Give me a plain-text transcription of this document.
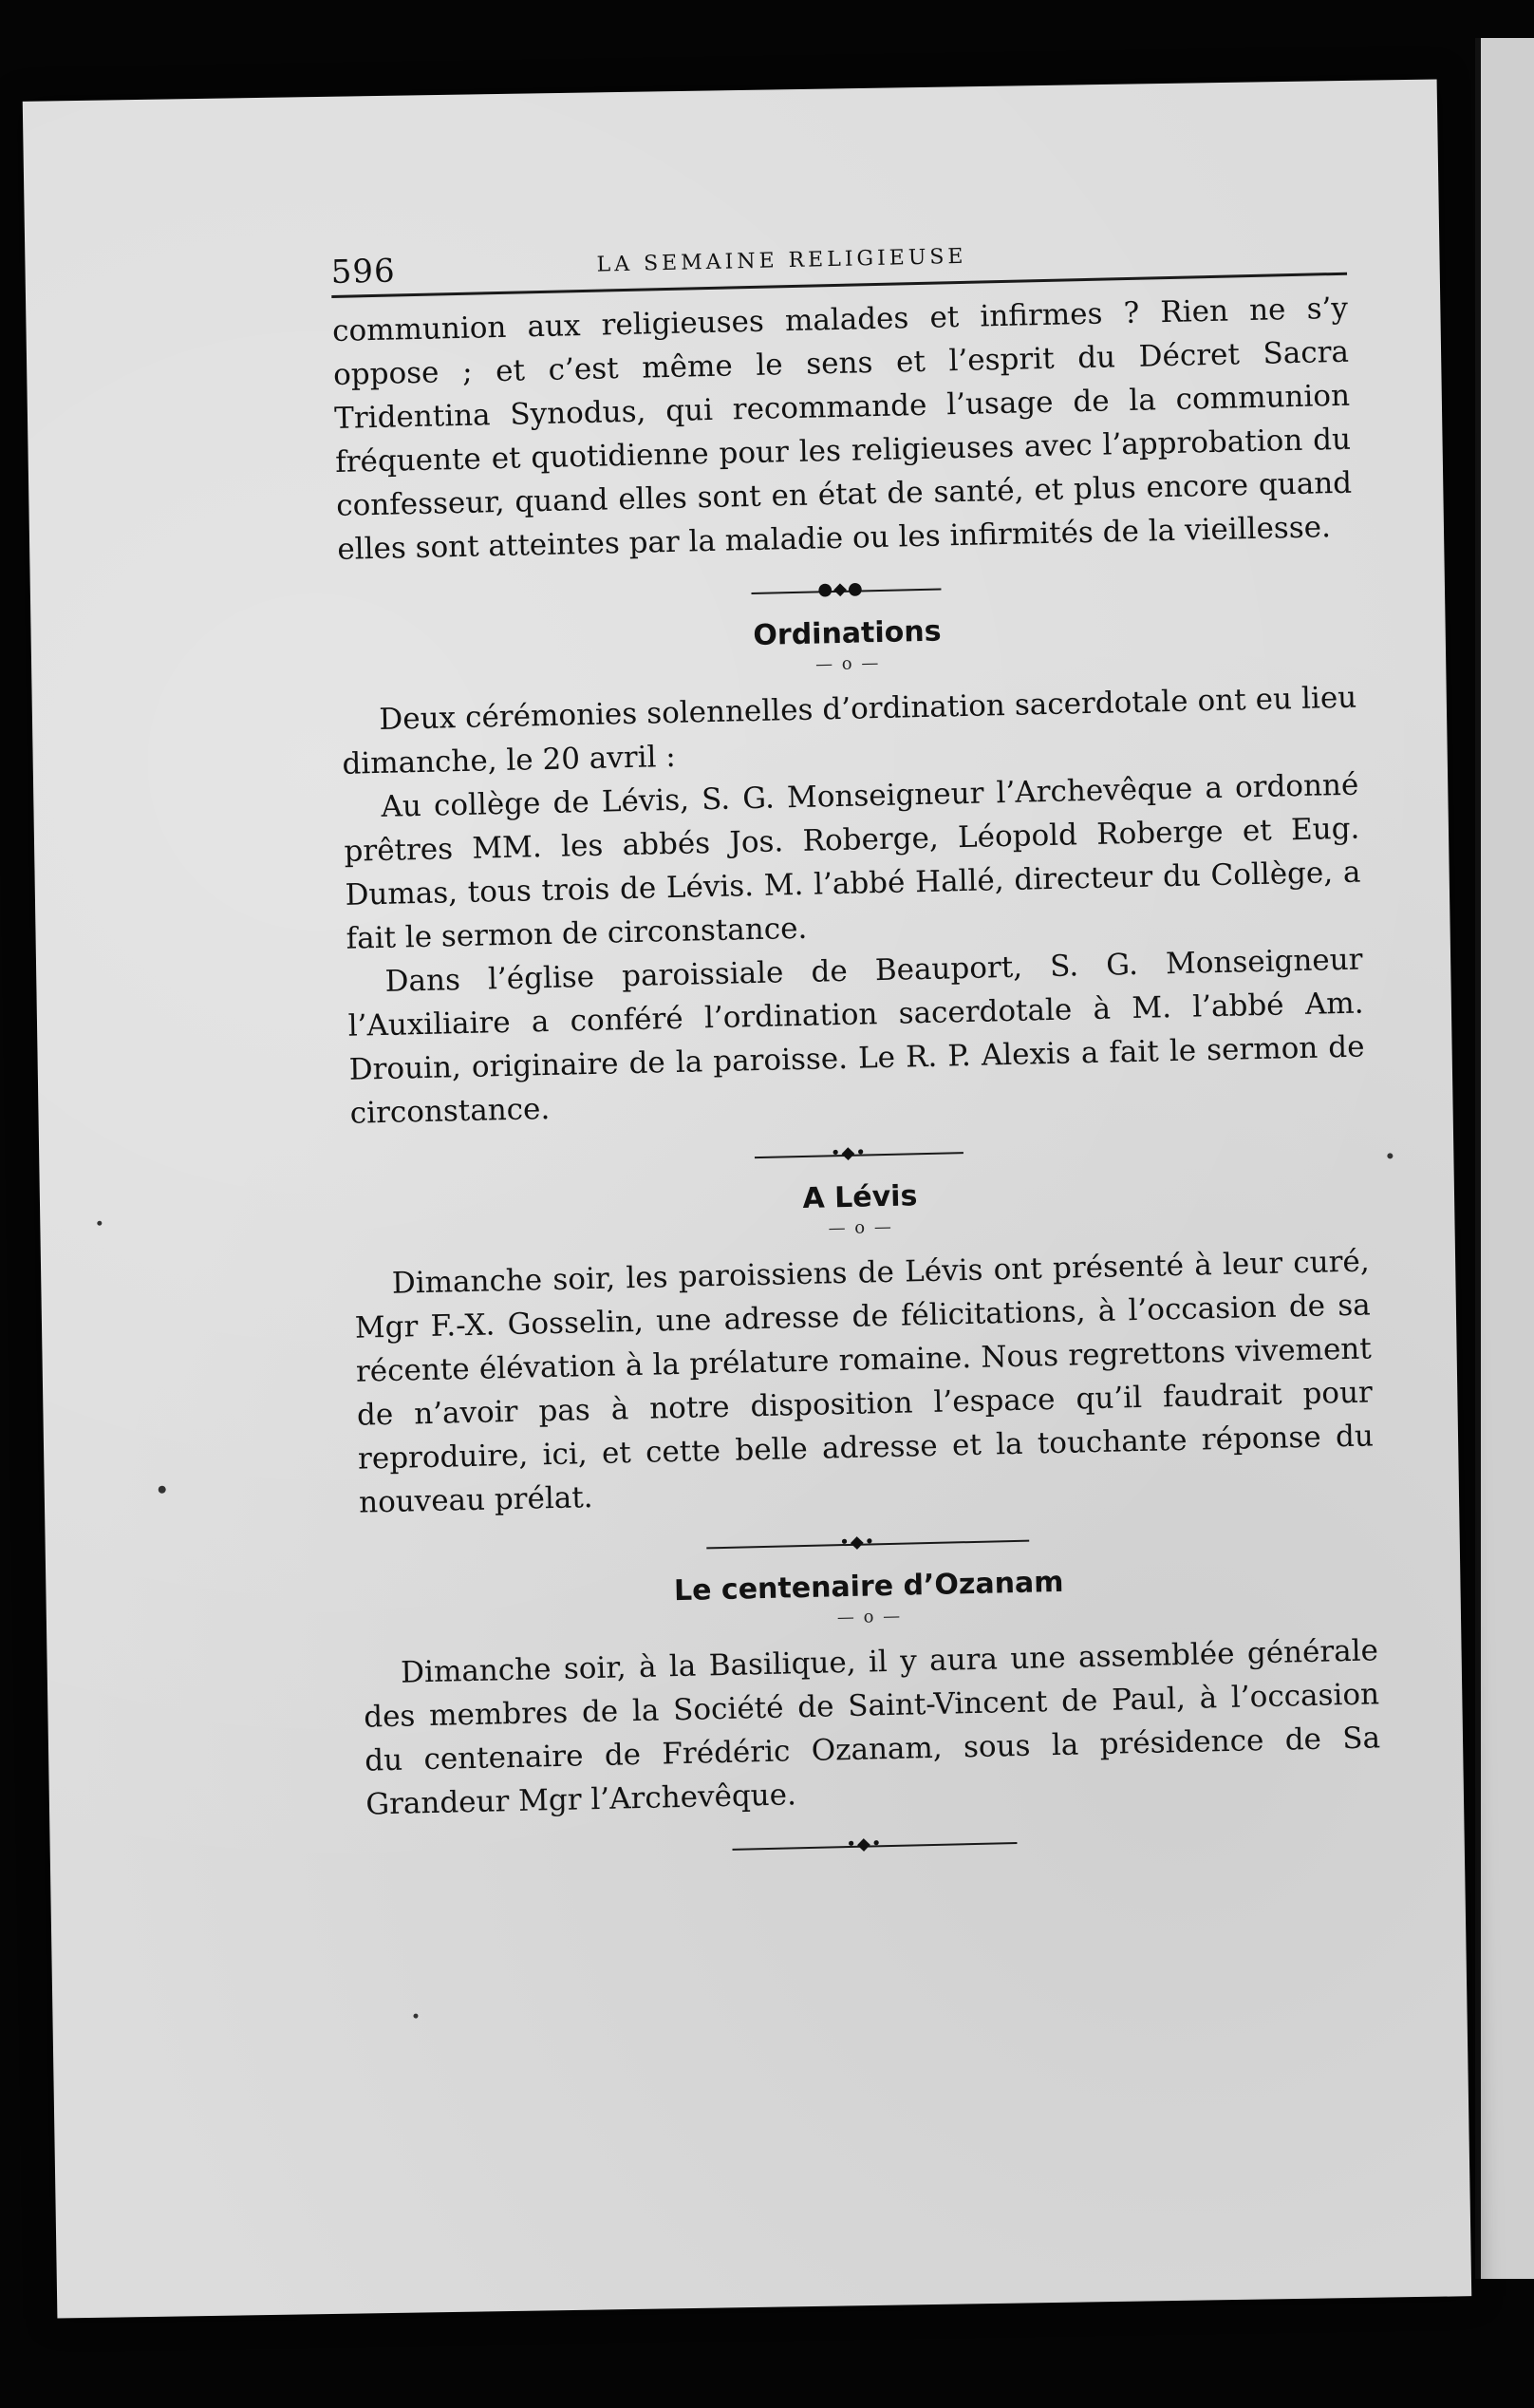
596	LA SEMAINE RELIGIEUSE

communion aux religieuses malades et infirmes ? Rien ne s’y oppose ; et c’est même le sens et l’esprit du Décret Sacra Tridentina Synodus, qui recommande l’usage de la communion fréquente et quotidienne pour les religieuses avec l’approbation du confesseur, quand elles sont en état de santé, et plus encore quand elles sont atteintes par la maladie ou les infirmités de la vieillesse.

●◆●
Ordinations
— o —

Deux cérémonies solennelles d’ordination sacerdotale ont eu lieu dimanche, le 20 avril :

Au collège de Lévis, S. G. Monseigneur l’Archevêque a ordonné prêtres MM. les abbés Jos. Roberge, Léopold Roberge et Eug. Dumas, tous trois de Lévis. M. l’abbé Hallé, directeur du Collège, a fait le sermon de circonstance.

Dans l’église paroissiale de Beauport, S. G. Monseigneur l’Auxiliaire a conféré l’ordination sacerdotale à M. l’abbé Am. Drouin, originaire de la paroisse. Le R. P. Alexis a fait le sermon de circonstance.

•◆•
A Lévis
— o —

Dimanche soir, les paroissiens de Lévis ont présenté à leur curé, Mgr F.-X. Gosselin, une adresse de félicitations, à l’occasion de sa récente élévation à la prélature romaine. Nous regrettons vivement de n’avoir pas à notre disposition l’espace qu’il faudrait pour reproduire, ici, et cette belle adresse et la touchante réponse du nouveau prélat.

•◆•
Le centenaire d’Ozanam
— o —

Dimanche soir, à la Basilique, il y aura une assemblée générale des membres de la Société de Saint-Vincent de Paul, à l’occasion du centenaire de Frédéric Ozanam, sous la présidence de Sa Grandeur Mgr l’Archevêque.

•◆•
